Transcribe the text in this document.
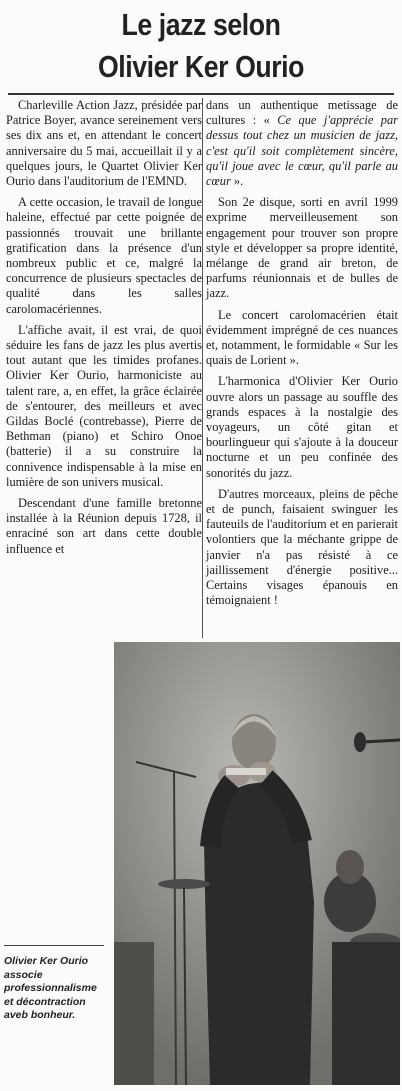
Le jazz selon
Olivier Ker Ourio

Charleville Action Jazz, présidée par Patrice Boyer, avance sereinement vers ses dix ans et, en attendant le concert anniversaire du 5 mai, accueillait il y a quelques jours, le Quartet Olivier Ker Ourio dans l'auditorium de l'EMND.

A cette occasion, le travail de longue haleine, effectué par cette poignée de passionnés trouvait une brillante gratification dans la présence d'un nombreux public et ce, malgré la concurrence de plusieurs spectacles de qualité dans les salles carolomacériennes.

L'affiche avait, il est vrai, de quoi séduire les fans de jazz les plus avertis tout autant que les timides profanes. Olivier Ker Ourio, harmoniciste au talent rare, a, en effet, la grâce éclairée de s'entourer, des meilleurs et avec Gildas Boclé (contrebasse), Pierre de Bethman (piano) et Schiro Onoe (batterie) il a su construire la connivence indispensable à la mise en lumière de son univers musical.

Descendant d'une famille bretonne installée à la Réunion depuis 1728, il enraciné son art dans cette double influence et

dans un authentique metissage de cultures : « Ce que j'apprécie par dessus tout chez un musicien de jazz, c'est qu'il soit complètement sincère, qu'il joue avec le cœur, qu'il parle au cœur ».

Son 2e disque, sorti en avril 1999 exprime merveilleusement son engagement pour trouver son propre style et développer sa propre identité, mélange de grand air breton, de parfums réunionnais et de bulles de jazz.

Le concert carolomacérien était évidemment imprégné de ces nuances et, notamment, le formidable « Sur les quais de Lorient ».

L'harmonica d'Olivier Ker Ourio ouvre alors un passage au souffle des grands espaces à la nostalgie des voyageurs, un côté gitan et bourlingueur qui s'ajoute à la douceur nocturne et un peu confinée des sonorités du jazz.

D'autres morceaux, pleins de pêche et de punch, faisaient swinguer les fauteuils de l'auditorium et en parierait volontiers que la méchante grippe de janvier n'a pas résisté à ce jaillissement d'énergie positive... Certains visages épanouis en témoignaient !

Olivier Ker Ourio associe professionnalisme et décontraction aveb bonheur.
